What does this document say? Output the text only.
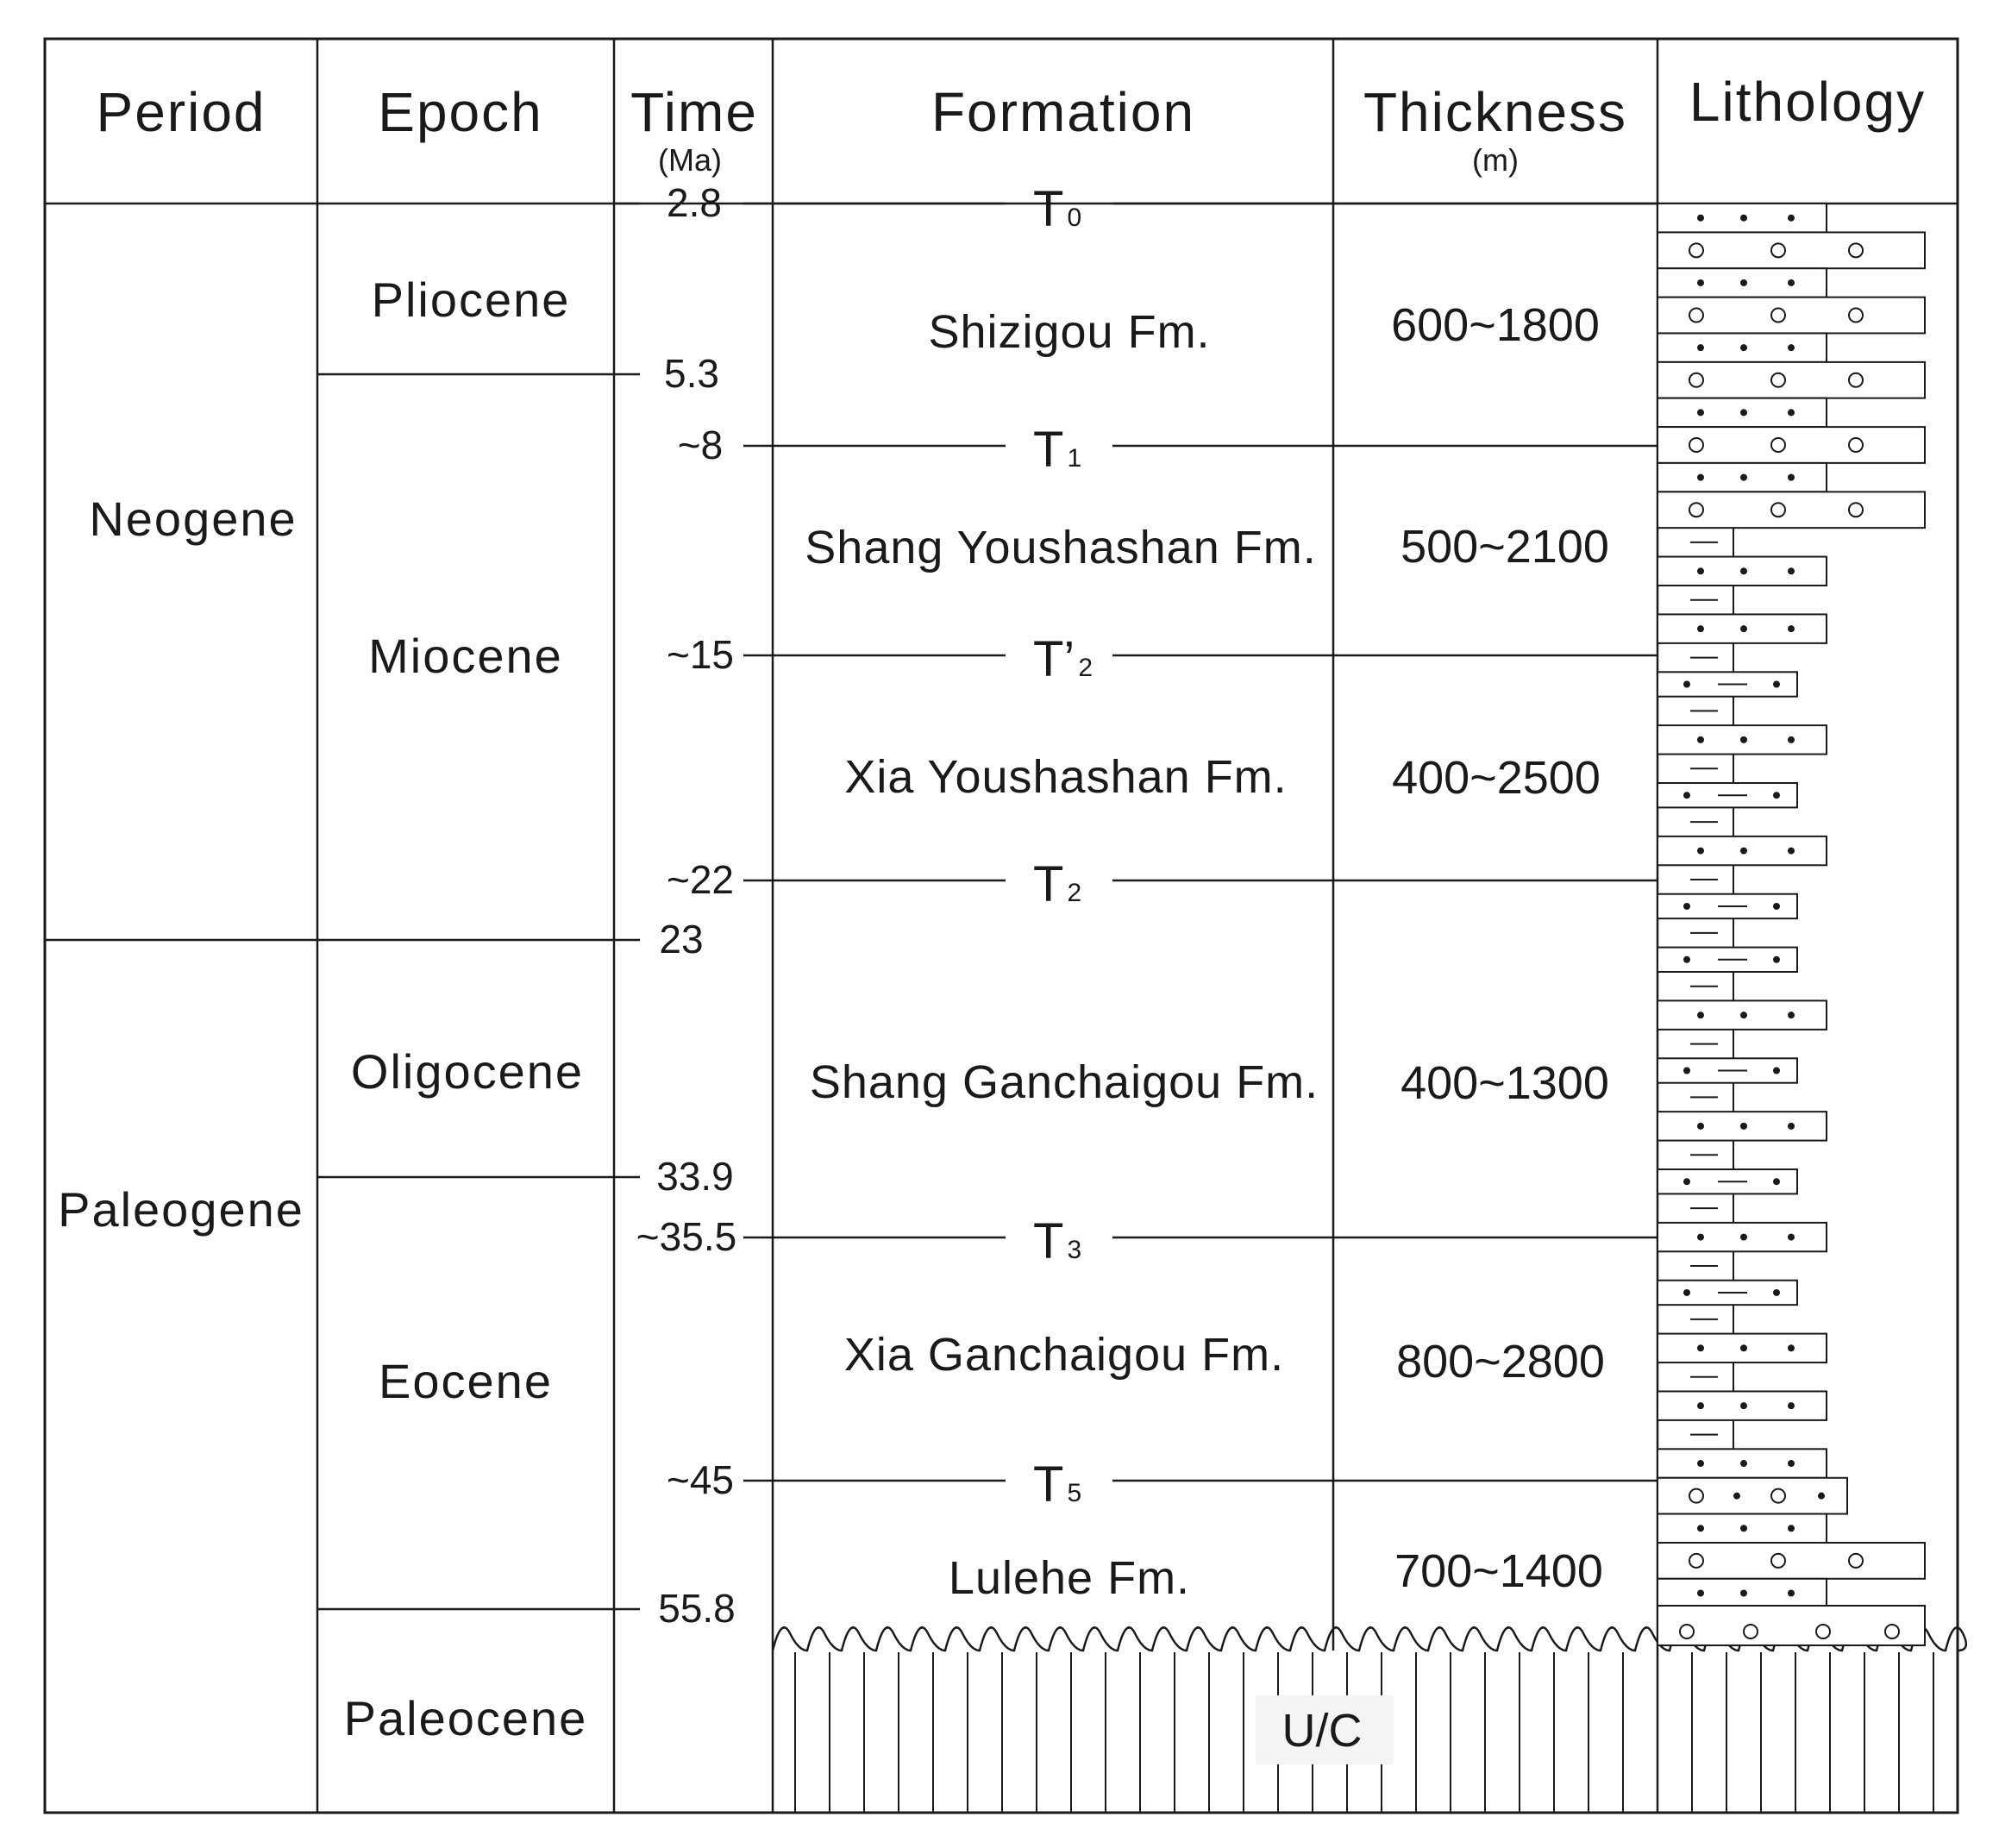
U/C
Period Epoch Time
(Ma)
Formation	Thickness
(m)
Lithology
Neogene
Paleogene
Pliocene
Miocene
Oligocene
Eocene
Paleocene
2.8
5.3
~8
~15
~22
23
33.9
~35.5
~45
55.8
T 0
T 1
T’ 2
T 2
T 3
T 5
Shizigou Fm.
Shang Youshashan Fm.
Xia Youshashan Fm.
Shang Ganchaigou Fm.
Xia Ganchaigou Fm.
Lulehe Fm.
600~1800
500~2100
400~2500
400~1300
800~2800
700~1400
